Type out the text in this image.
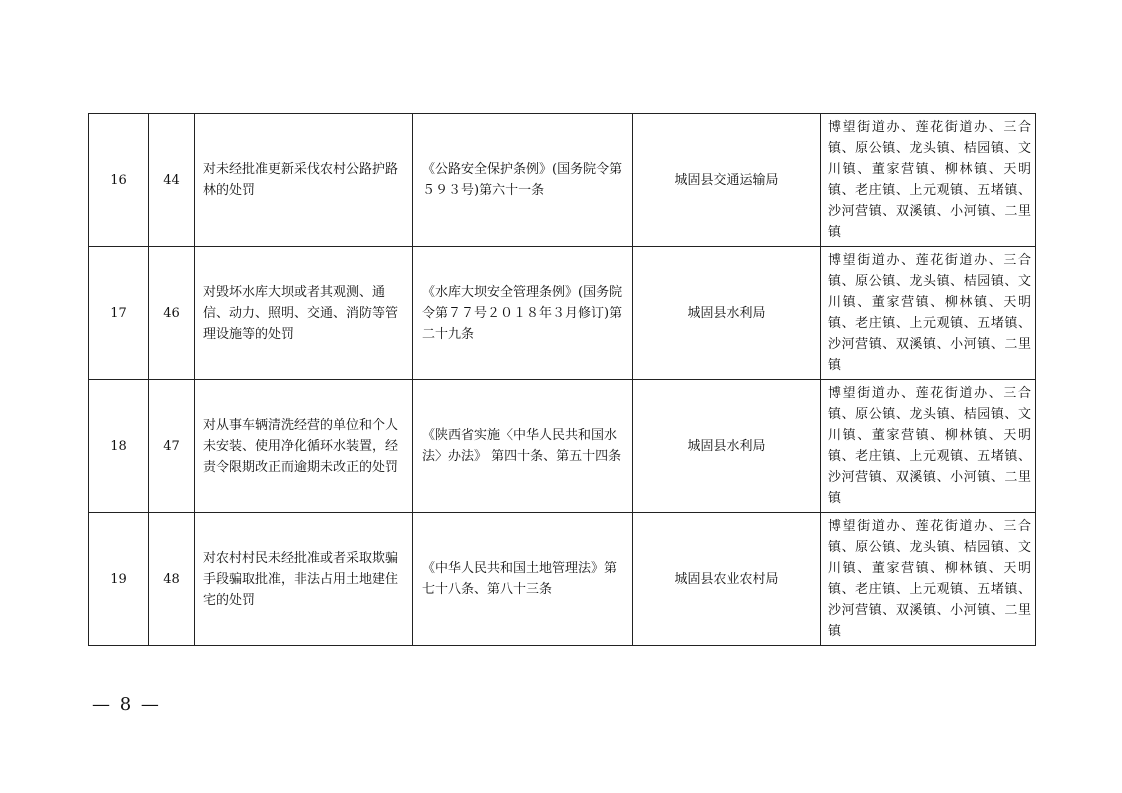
16	44	对未经批准更新采伐农村公路护路林的处罚	《公路安全保护条例》(国务院令第５９３号)第六十一条	城固县交通运输局	博望街道办、莲花街道办、三合镇、原公镇、龙头镇、桔园镇、文川镇、董家营镇、柳林镇、天明镇、老庄镇、上元观镇、五堵镇、沙河营镇、双溪镇、小河镇、二里镇
17	46	对毁坏水库大坝或者其观测、通信、动力、照明、交通、消防等管理设施等的处罚	《水库大坝安全管理条例》(国务院令第７７号２０１８年３月修订)第二十九条	城固县水利局	博望街道办、莲花街道办、三合镇、原公镇、龙头镇、桔园镇、文川镇、董家营镇、柳林镇、天明镇、老庄镇、上元观镇、五堵镇、沙河营镇、双溪镇、小河镇、二里镇
18	47	对从事车辆清洗经营的单位和个人未安装、使用净化循环水装置，经责令限期改正而逾期未改正的处罚	《陕西省实施〈中华人民共和国水法〉办法》 第四十条、第五十四条	城固县水利局	博望街道办、莲花街道办、三合镇、原公镇、龙头镇、桔园镇、文川镇、董家营镇、柳林镇、天明镇、老庄镇、上元观镇、五堵镇、沙河营镇、双溪镇、小河镇、二里镇
19	48	对农村村民未经批准或者采取欺骗手段骗取批准，非法占用土地建住宅的处罚	《中华人民共和国土地管理法》第七十八条、第八十三条	城固县农业农村局	博望街道办、莲花街道办、三合镇、原公镇、龙头镇、桔园镇、文川镇、董家营镇、柳林镇、天明镇、老庄镇、上元观镇、五堵镇、沙河营镇、双溪镇、小河镇、二里镇
— 8 —
